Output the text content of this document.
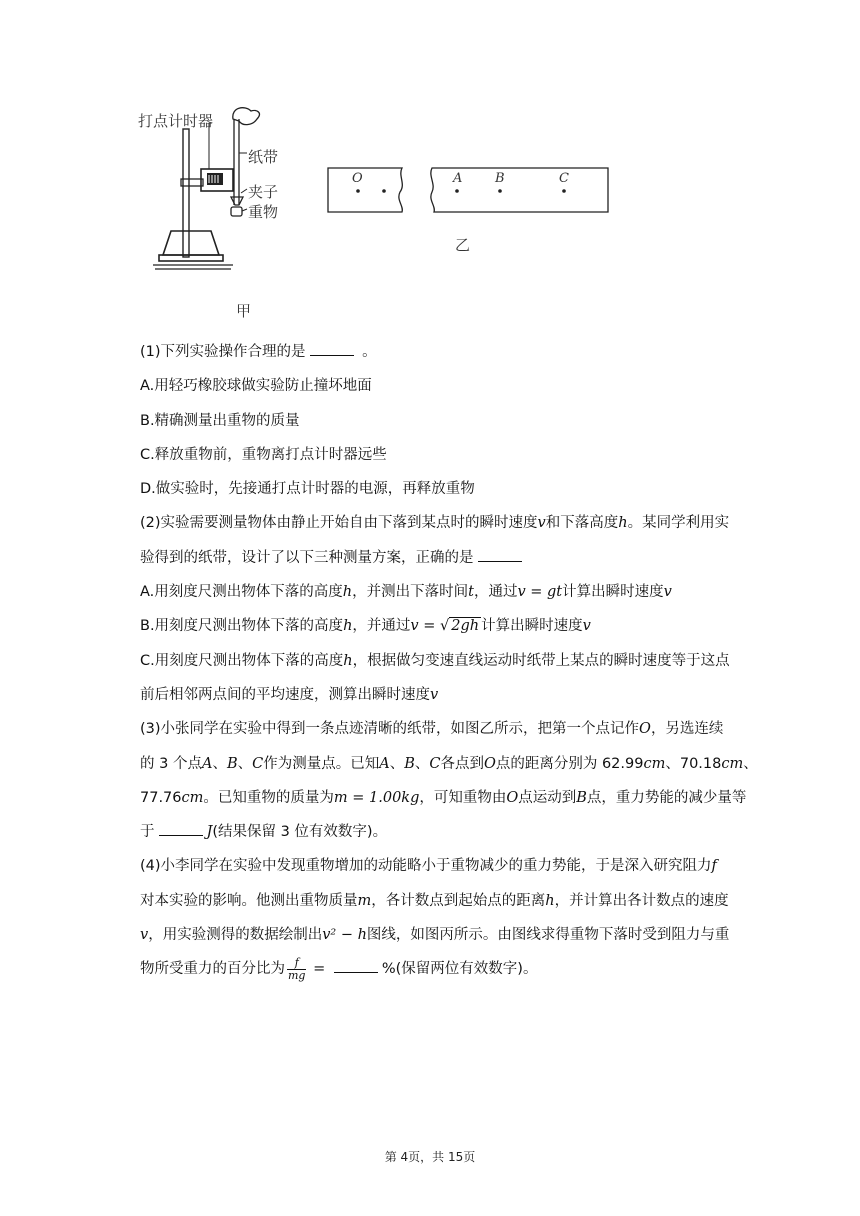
打点计时器
纸带
夹子
重物
甲
O	A	B	C
乙
(1)下列实验操作合理的是	。
A.用轻巧橡胶球做实验防止撞坏地面
B.精确测量出重物的质量
C.释放重物前，重物离打点计时器远些
D.做实验时，先接通打点计时器的电源，再释放重物
(2)实验需要测量物体由静止开始自由下落到某点时的瞬时速度v和下落高度h。某同学利用实
验得到的纸带，设计了以下三种测量方案，正确的是
A.用刻度尺测出物体下落的高度h，并测出下落时间t，通过v = gt计算出瞬时速度v
B.用刻度尺测出物体下落的高度h，并通过v = √ 2gh 计算出瞬时速度v
C.用刻度尺测出物体下落的高度h，根据做匀变速直线运动时纸带上某点的瞬时速度等于这点
前后相邻两点间的平均速度，测算出瞬时速度v
(3)小张同学在实验中得到一条点迹清晰的纸带，如图乙所示，把第一个点记作O，另选连续
的 3 个点A、B、C作为测量点。已知A、B、C各点到O点的距离分别为 62.99cm、70.18cm、
77.76cm。已知重物的质量为m = 1.00kg，可知重物由O点运动到B点，重力势能的减少量等
于	J(结果保留 3 位有效数字)。
(4)小李同学在实验中发现重物增加的动能略小于重物减少的重力势能，于是深入研究阻力f
对本实验的影响。他测出重物质量m，各计数点到起始点的距离h，并计算出各计数点的速度
v，用实验测得的数据绘制出v² − h图线，如图丙所示。由图线求得重物下落时受到阻力与重
物所受重力的百分比为 $\frac{f}{mg}$ =	%(保留两位有效数字)。
第 4页，共 15页
